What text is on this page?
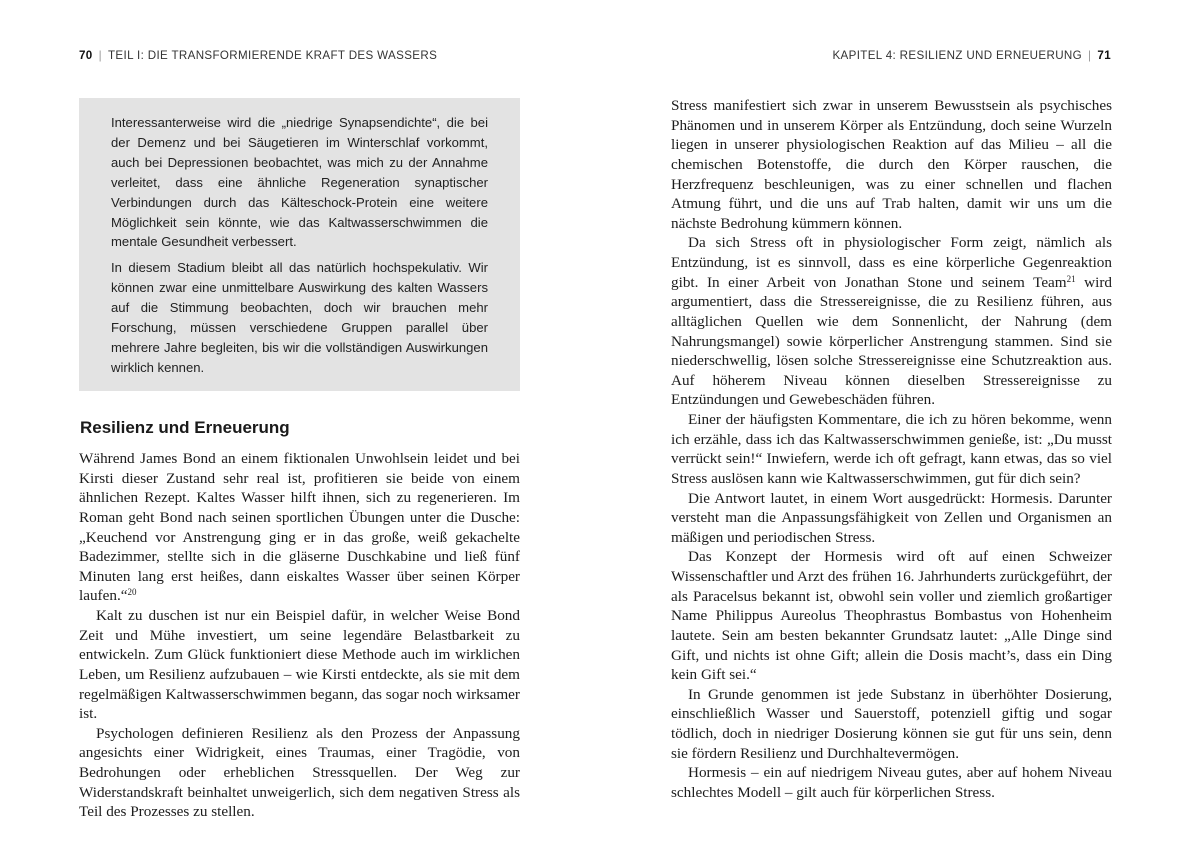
70 | TEIL I: DIE TRANSFORMIERENDE KRAFT DES WASSERS

Interessanterweise wird die „niedrige Synapsendichte“, die bei der Demenz und bei Säugetieren im Winterschlaf vorkommt, auch bei Depressionen beobachtet, was mich zu der Annahme verleitet, dass eine ähnliche Regeneration synaptischer Verbindungen durch das Kälteschock-Protein eine weitere Möglichkeit sein könnte, wie das Kaltwasserschwimmen die mentale Gesundheit verbessert.

In diesem Stadium bleibt all das natürlich hochspekulativ. Wir können zwar eine unmittelbare Auswirkung des kalten Wassers auf die Stimmung beobachten, doch wir brauchen mehr Forschung, müssen verschiedene Gruppen parallel über mehrere Jahre begleiten, bis wir die vollständigen Auswirkungen wirklich kennen.

Resilienz und Erneuerung

Während James Bond an einem fiktionalen Unwohlsein leidet und bei Kirsti dieser Zustand sehr real ist, profitieren sie beide von einem ähnlichen Rezept. Kaltes Wasser hilft ihnen, sich zu regenerieren. Im Roman geht Bond nach seinen sportlichen Übungen unter die Dusche: „Keuchend vor Anstrengung ging er in das große, weiß gekachelte Badezimmer, stellte sich in die gläserne Duschkabine und ließ fünf Minuten lang erst heißes, dann eiskaltes Wasser über seinen Körper laufen.“$^{20}$

Kalt zu duschen ist nur ein Beispiel dafür, in welcher Weise Bond Zeit und Mühe investiert, um seine legendäre Belastbarkeit zu entwickeln. Zum Glück funktioniert diese Methode auch im wirklichen Leben, um Resilienz aufzubauen – wie Kirsti entdeckte, als sie mit dem regelmäßigen Kaltwasserschwimmen begann, das sogar noch wirksamer ist.

Psychologen definieren Resilienz als den Prozess der Anpassung angesichts einer Widrigkeit, eines Traumas, einer Tragödie, von Bedrohungen oder erheblichen Stressquellen. Der Weg zur Widerstandskraft beinhaltet unweigerlich, sich dem negativen Stress als Teil des Prozesses zu stellen.

KAPITEL 4: RESILIENZ UND ERNEUERUNG | 71

Stress manifestiert sich zwar in unserem Bewusstsein als psychisches Phänomen und in unserem Körper als Entzündung, doch seine Wurzeln liegen in unserer physiologischen Reaktion auf das Milieu – all die chemischen Botenstoffe, die durch den Körper rauschen, die Herzfrequenz beschleunigen, was zu einer schnellen und flachen Atmung führt, und die uns auf Trab halten, damit wir uns um die nächste Bedrohung kümmern können.

Da sich Stress oft in physiologischer Form zeigt, nämlich als Entzündung, ist es sinnvoll, dass es eine körperliche Gegenreaktion gibt. In einer Arbeit von Jonathan Stone und seinem Team$^{21}$ wird argumentiert, dass die Stressereignisse, die zu Resilienz führen, aus alltäglichen Quellen wie dem Sonnenlicht, der Nahrung (dem Nahrungsmangel) sowie körperlicher Anstrengung stammen. Sind sie niederschwellig, lösen solche Stressereignisse eine Schutzreaktion aus. Auf höherem Niveau können dieselben Stressereignisse zu Entzündungen und Gewebeschäden führen.

Einer der häufigsten Kommentare, die ich zu hören bekomme, wenn ich erzähle, dass ich das Kaltwasserschwimmen genieße, ist: „Du musst verrückt sein!“ Inwiefern, werde ich oft gefragt, kann etwas, das so viel Stress auslösen kann wie Kaltwasserschwimmen, gut für dich sein?

Die Antwort lautet, in einem Wort ausgedrückt: Hormesis. Darunter versteht man die Anpassungsfähigkeit von Zellen und Organismen an mäßigen und periodischen Stress.

Das Konzept der Hormesis wird oft auf einen Schweizer Wissenschaftler und Arzt des frühen 16. Jahrhunderts zurückgeführt, der als Paracelsus bekannt ist, obwohl sein voller und ziemlich großartiger Name Philippus Aureolus Theophrastus Bombastus von Hohenheim lautete. Sein am besten bekannter Grundsatz lautet: „Alle Dinge sind Gift, und nichts ist ohne Gift; allein die Dosis macht’s, dass ein Ding kein Gift sei.“

In Grunde genommen ist jede Substanz in überhöhter Dosierung, einschließlich Wasser und Sauerstoff, potenziell giftig und sogar tödlich, doch in niedriger Dosierung können sie gut für uns sein, denn sie fördern Resilienz und Durchhaltevermögen.

Hormesis – ein auf niedrigem Niveau gutes, aber auf hohem Niveau schlechtes Modell – gilt auch für körperlichen Stress.
